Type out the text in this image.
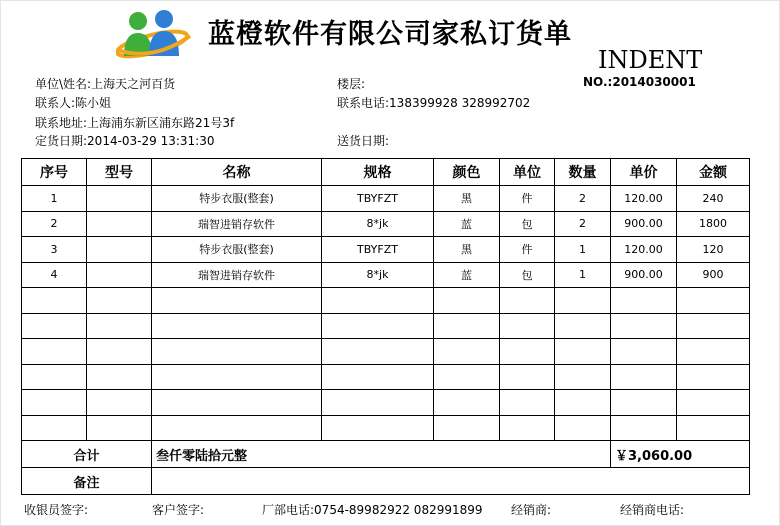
蓝橙软件有限公司家私订货单
INDENT
NO.:2014030001
单位\姓名:上海天之河百货	楼层:
联系人:陈小姐	联系电话:138399928 328992702
联系地址:上海浦东新区浦东路21号3f
定货日期:2014-03-29 13:31:30	送货日期:
序号	型号	名称	规格	颜色	单位	数量	单价	金额
1		特步衣服(整套)	TBYFZT	黑	件	2	120.00	240
2		瑞智进销存软件	8*jk	蓝	包	2	900.00	1800
3		特步衣服(整套)	TBYFZT	黑	件	1	120.00	120
4		瑞智进销存软件	8*jk	蓝	包	1	900.00	900

合计		叁仟零陆拾元整					￥3,060.00	
备注								
收银员签字:	客户签字:	厂部电话:0754-89982922 082991899 经销商:	经销商电话:
